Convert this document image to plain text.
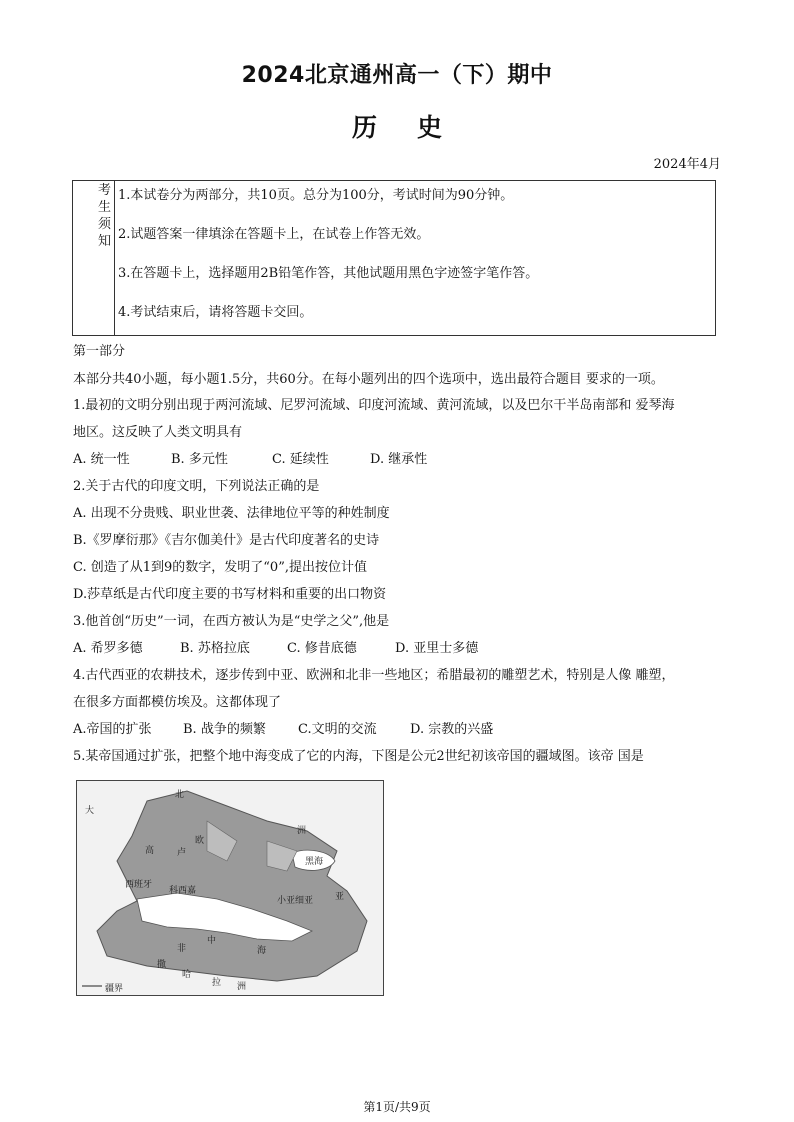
2024北京通州高一（下）期中
历史
2024年4月
考
生
须
知
1.本试卷分为两部分，共10页。总分为100分，考试时间为90分钟。
2.试题答案一律填涂在答题卡上，在试卷上作答无效。
3.在答题卡上，选择题用2B铅笔作答，其他试题用黑色字迹签字笔作答。
4.考试结束后，请将答题卡交回。
第一部分
本部分共40小题，每小题1.5分，共60分。在每小题列出的四个选项中，选出最符合题目 要求的一项。
1.最初的文明分别出现于两河流域、尼罗河流域、印度河流域、黄河流域，以及巴尔干半岛南部和 爱琴海
地区。这反映了人类文明具有
A. 统一性	B. 多元性	C. 延续性	D. 继承性
2.关于古代的印度文明，下列说法正确的是
A. 出现不分贵贱、职业世袭、法律地位平等的种姓制度
B.《罗摩衍那》《吉尔伽美什》是古代印度著名的史诗
C. 创造了从1到9的数字，发明了“0”,提出按位计值
D.莎草纸是古代印度主要的书写材料和重要的出口物资
3.他首创“历史”一词，在西方被认为是“史学之父”,他是
A. 希罗多德	B. 苏格拉底	C. 修昔底德	D. 亚里士多德
4.古代西亚的农耕技术，逐步传到中亚、欧洲和北非一些地区；希腊最初的雕塑艺术，特别是人像 雕塑，
在很多方面都模仿埃及。这都体现了
A.帝国的扩张 B. 战争的频繁 C.文明的交流	D. 宗教的兴盛
5.某帝国通过扩张，把整个地中海变成了它的内海，下图是公元2世纪初该帝国的疆域图。该帝 国是
大
北
欧
洲
高	卢
黑海
西班牙
科西嘉
小亚细亚 亚
非
中
海
撒
哈
拉 洲
疆界
第1页/共9页
